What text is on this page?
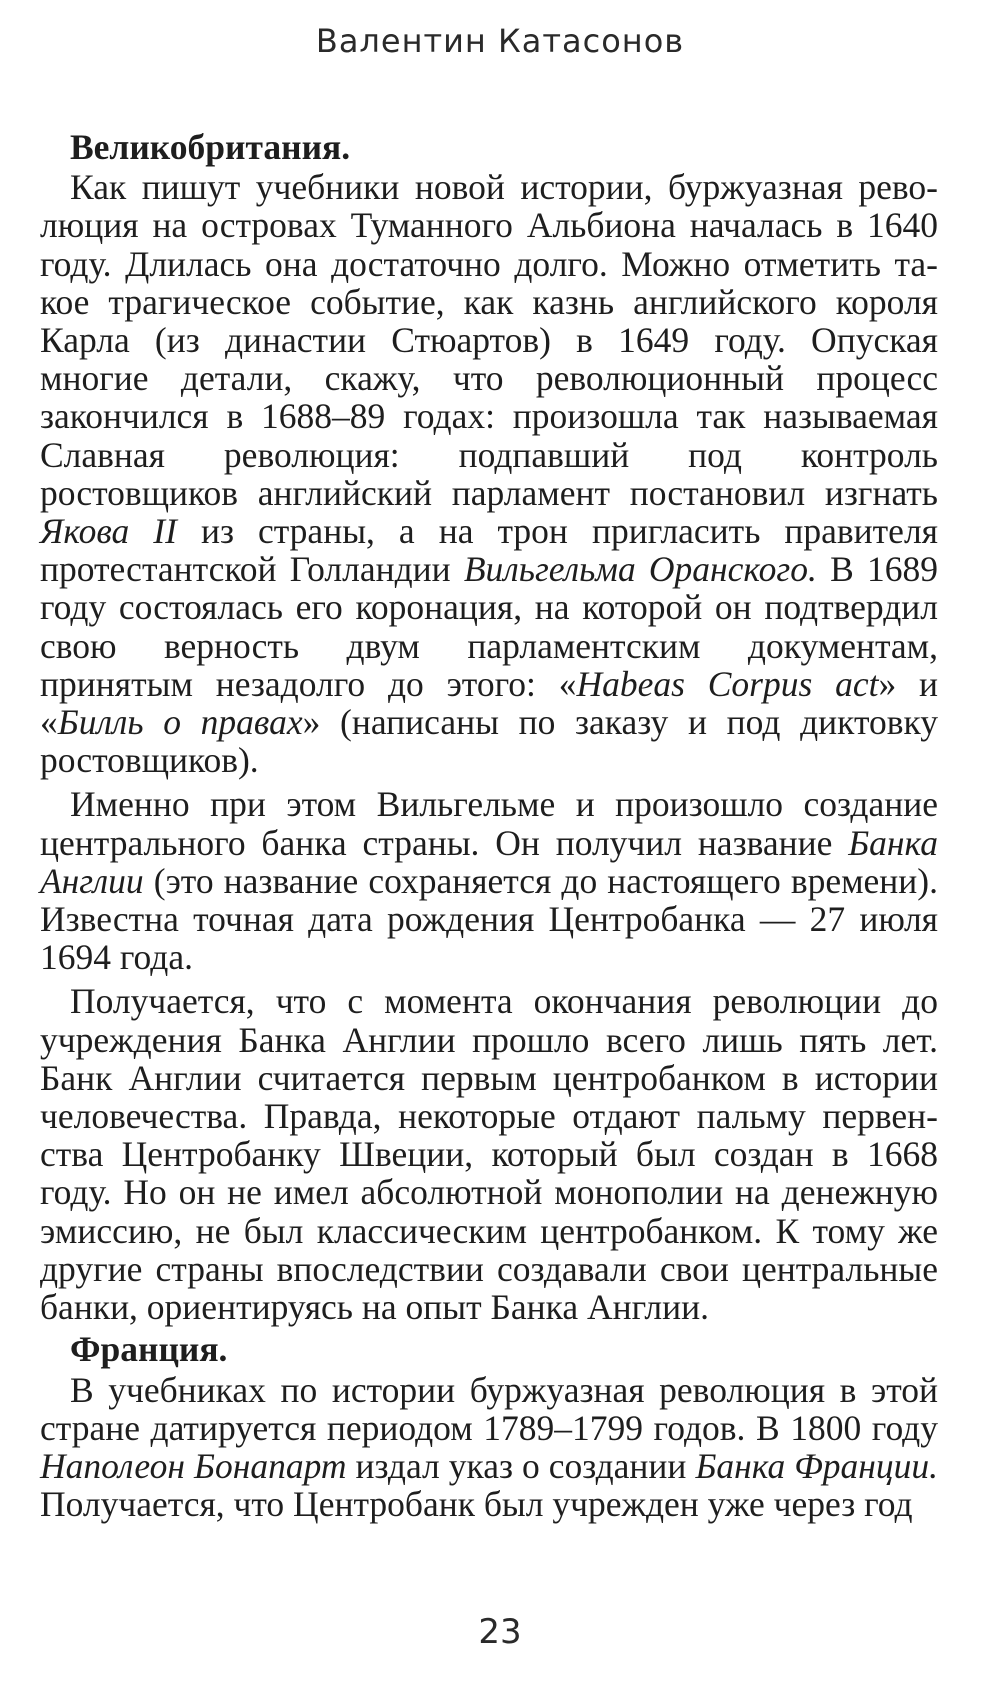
Валентин Катасонов
Великобритания.

Как пишут учебники новой истории, буржуазная революция на островах Туманного Альбиона началась в 1640 году. Длилась она достаточно долго. Можно отметить такое трагическое событие, как казнь английского короля Карла (из династии Стюартов) в 1649 году. Опуская многие детали, скажу, что революционный процесс закончился в 1688–89 годах: произошла так называемая Славная революция: подпавший под контроль ростовщиков английский парламент постановил изгнать Якова II из страны, а на трон пригласить правителя протестантской Голландии Вильгельма Оранского. В 1689 году состоялась его коронация, на которой он подтвердил свою верность двум парламентским документам, принятым незадолго до этого: «Habeas Corpus act» и «Билль о правах» (написаны по заказу и под диктовку ростовщиков).

Именно при этом Вильгельме и произошло создание центрального банка страны. Он получил название Банка Англии (это название сохраняется до настоящего времени). Известна точная дата рождения Центробанка — 27 июля 1694 года.

Получается, что с момента окончания революции до учреждения Банка Англии прошло всего лишь пять лет. Банк Англии считается первым центробанком в истории человечества. Правда, некоторые отдают пальму первенства Центробанку Швеции, который был создан в 1668 году. Но он не имел абсолютной монополии на денежную эмиссию, не был классическим центробанком. К тому же другие страны впоследствии создавали свои центральные банки, ориентируясь на опыт Банка Англии.

Франция.

В учебниках по истории буржуазная революция в этой стране датируется периодом 1789–1799 годов. В 1800 году Наполеон Бонапарт издал указ о создании Банка Франции. Получается, что Центробанк был учрежден уже через год

23
